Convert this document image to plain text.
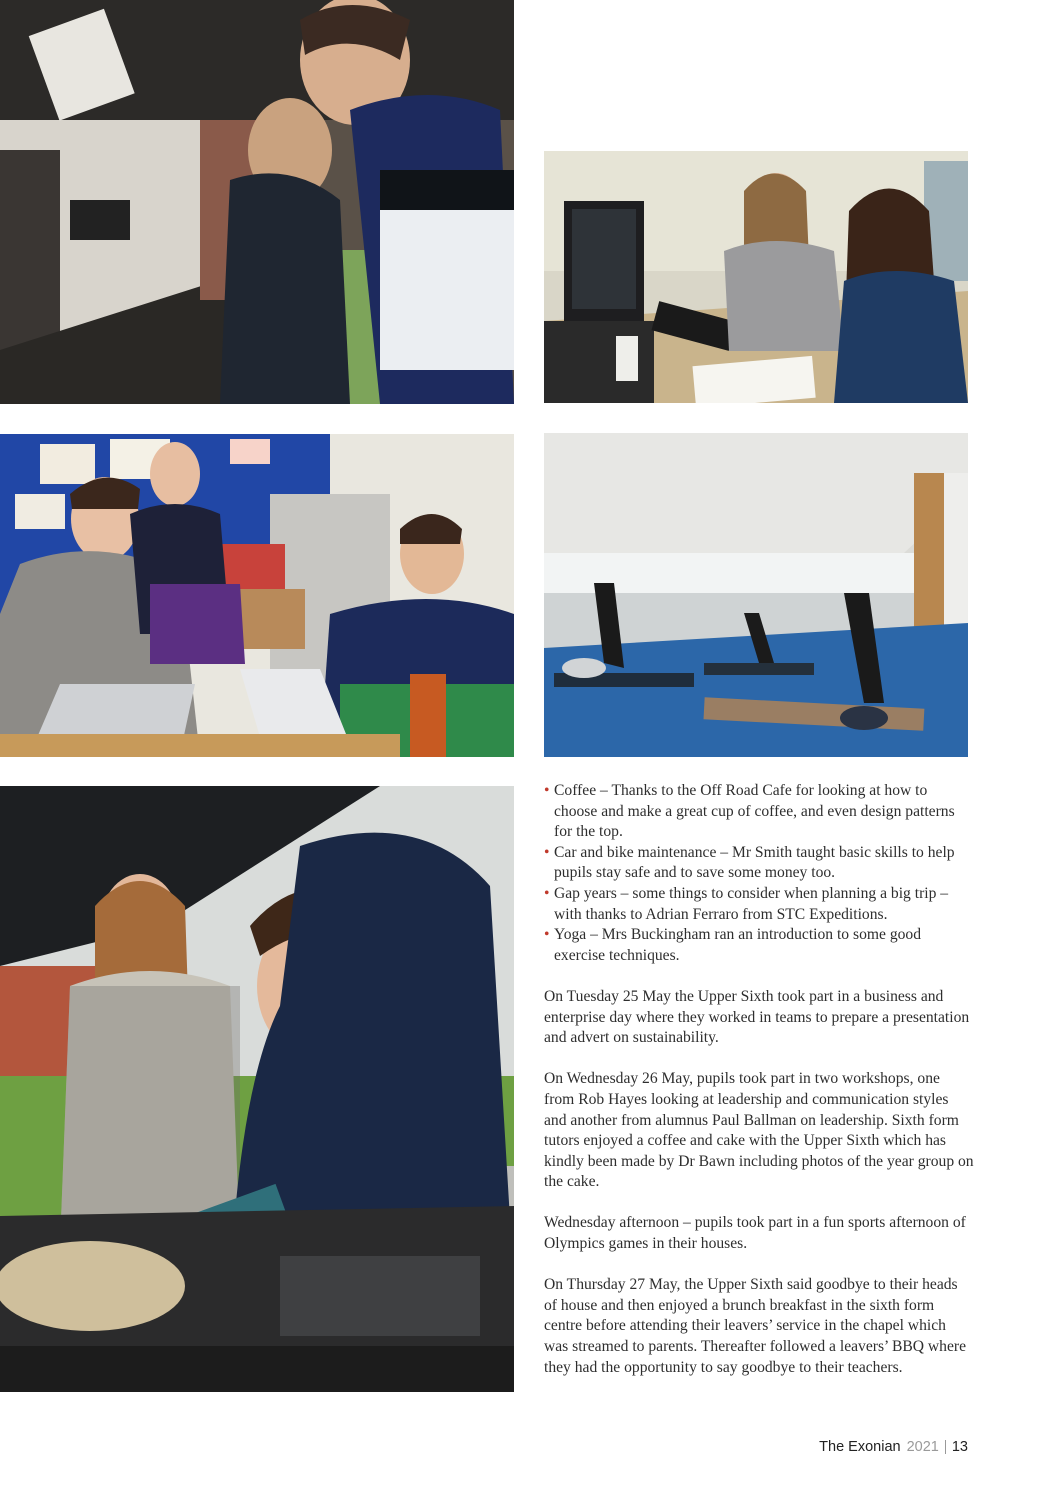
• Coffee – Thanks to the Off Road Cafe for looking at how to choose and make a great cup of coffee, and even design patterns for the top.
• Car and bike maintenance – Mr Smith taught basic skills to help pupils stay safe and to save some money too.
• Gap years – some things to consider when planning a big trip – with thanks to Adrian Ferraro from STC Expeditions.
• Yoga – Mrs Buckingham ran an introduction to some good exercise techniques.

On Tuesday 25 May the Upper Sixth took part in a business and enterprise day where they worked in teams to prepare a presentation and advert on sustainability.

On Wednesday 26 May, pupils took part in two workshops, one from Rob Hayes looking at leadership and communication styles and another from alumnus Paul Ballman on leadership. Sixth form tutors enjoyed a coffee and cake with the Upper Sixth which has kindly been made by Dr Bawn including photos of the year group on the cake.

Wednesday afternoon – pupils took part in a fun sports afternoon of Olympics games in their houses.

On Thursday 27 May, the Upper Sixth said goodbye to their heads of house and then enjoyed a brunch breakfast in the sixth form centre before attending their leavers’ service in the chapel which was streamed to parents. Thereafter followed a leavers’ BBQ where they had the opportunity to say goodbye to their teachers.

The Exonian 2021 13
